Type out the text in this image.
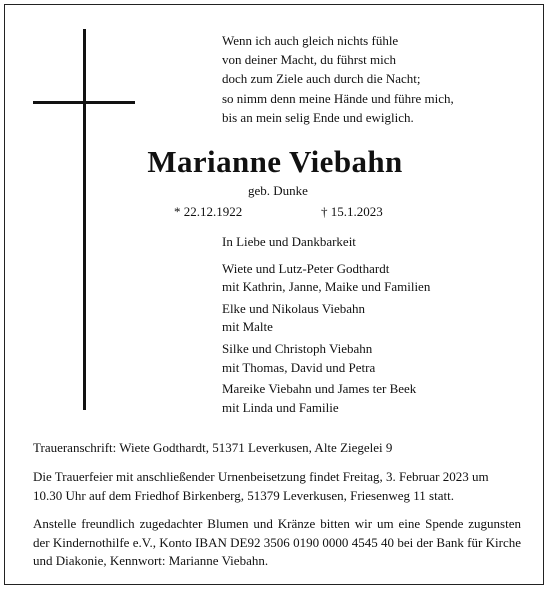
Wenn ich auch gleich nichts fühle
von deiner Macht, du führst mich
doch zum Ziele auch durch die Nacht;
so nimm denn meine Hände und führe mich,
bis an mein selig Ende und ewiglich.
Marianne Viebahn
geb. Dunke
* 22.12.1922	† 15.1.2023
In Liebe und Dankbarkeit
Wiete und Lutz-Peter Godthardt
mit Kathrin, Janne, Maike und Familien
Elke und Nikolaus Viebahn
mit Malte
Silke und Christoph Viebahn
mit Thomas, David und Petra
Mareike Viebahn und James ter Beek
mit Linda und Familie
Traueranschrift: Wiete Godthardt, 51371 Leverkusen, Alte Ziegelei 9
Die Trauerfeier mit anschließender Urnenbeisetzung findet Freitag, 3. Februar 2023 um 10.30 Uhr auf dem Friedhof Birkenberg, 51379 Leverkusen, Friesenweg 11 statt.
Anstelle freundlich zugedachter Blumen und Kränze bitten wir um eine Spende zugunsten der Kindernothilfe e.V., Konto IBAN DE92 3506 0190 0000 4545 40 bei der Bank für Kirche und Diakonie, Kennwort: Marianne Viebahn.
